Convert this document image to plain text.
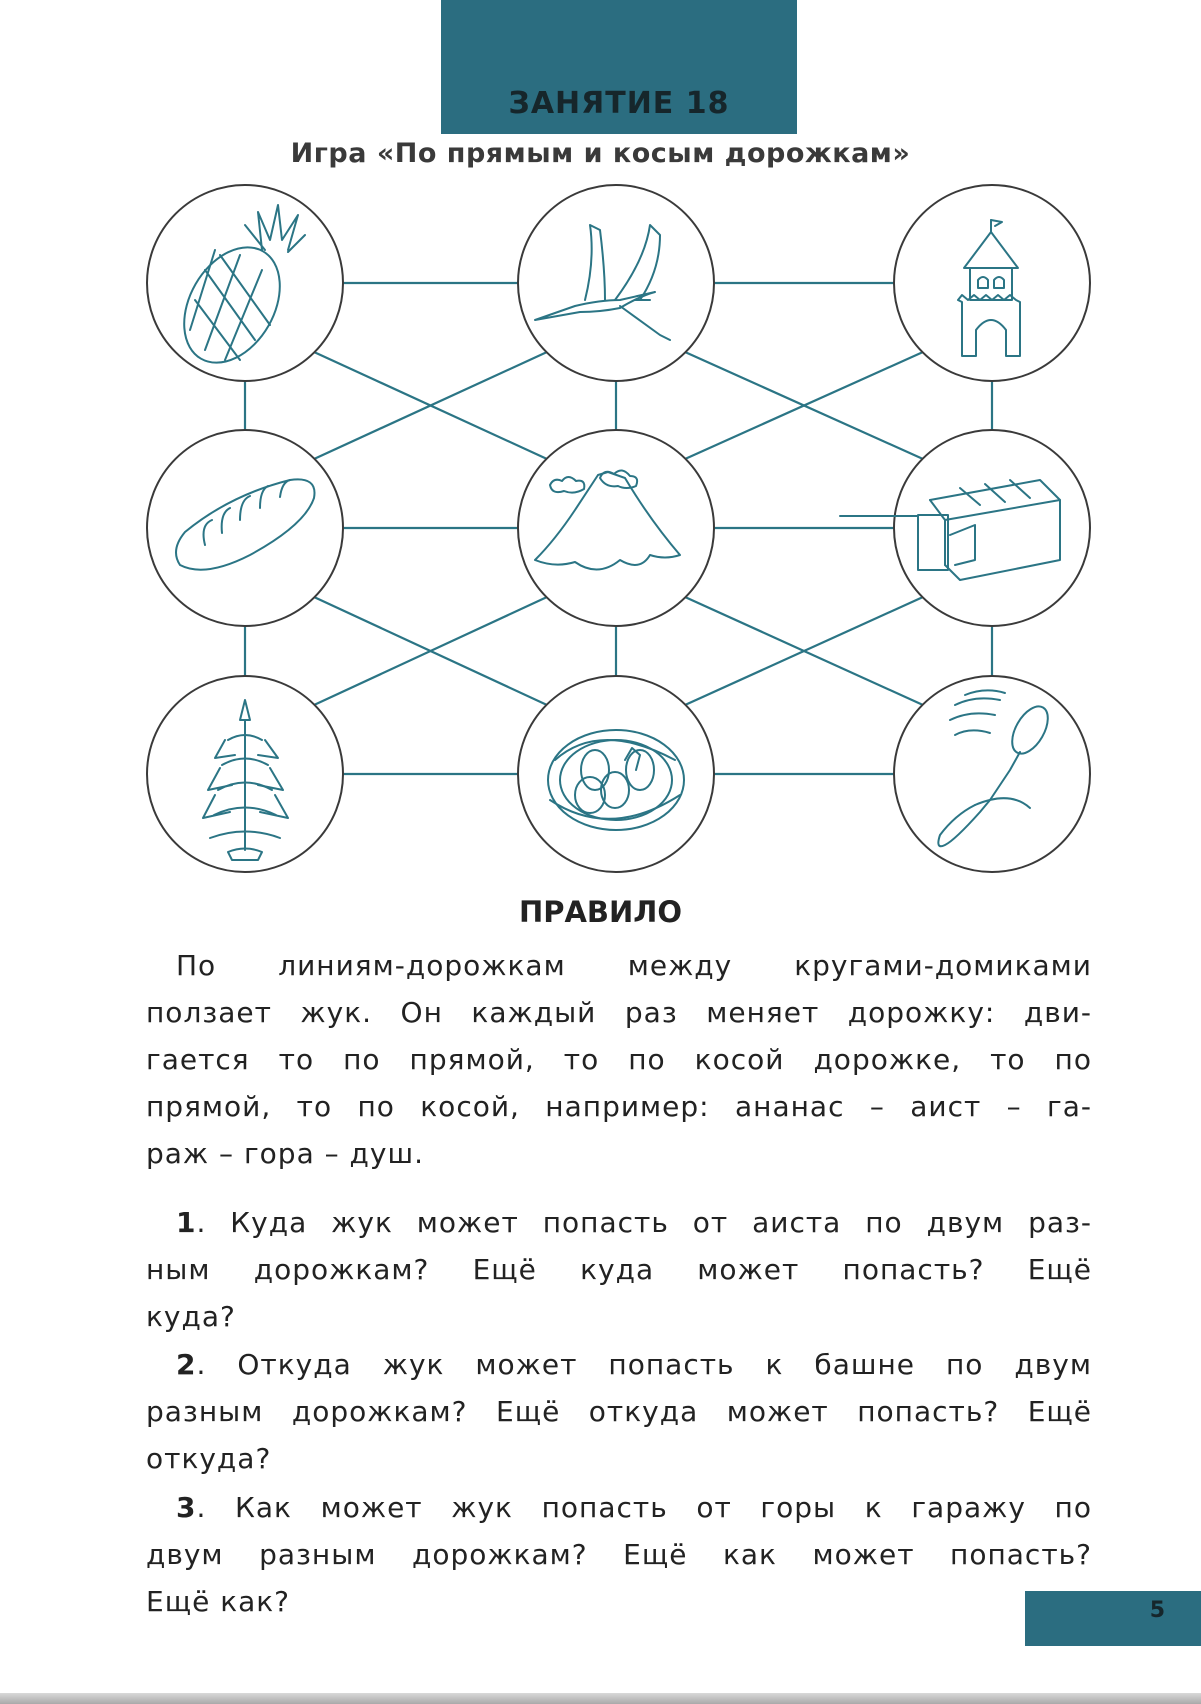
ЗАНЯТИЕ 18
Игра «По прямым и косым дорожкам»
ПРАВИЛО
По линиям-дорожкам между кругами-домиками
ползает жук. Он каждый раз меняет дорожку: дви-
гается то по прямой, то по косой дорожке, то по
прямой, то по косой, например: ананас – аист – га-
раж – гора – душ.
1. Куда жук может попасть от аиста по двум раз-
ным дорожкам? Ещё куда может попасть? Ещё
куда?
2. Откуда жук может попасть к башне по двум
разным дорожкам? Ещё откуда может попасть? Ещё
откуда?
3. Как может жук попасть от горы к гаражу по
двум разным дорожкам? Ещё как может попасть?
Ещё как?	5
